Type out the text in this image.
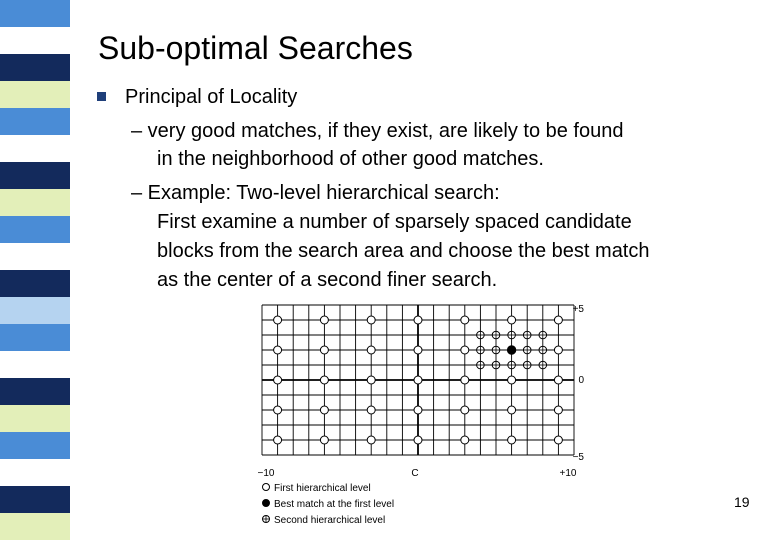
Sub-optimal Searches
Principal of Locality
– very good matches, if they exist, are likely to be found
in the neighborhood of other good matches.
– Example: Two-level hierarchical search:
First examine a number of sparsely spaced candidate
blocks from the search area and choose the best match
as the center of a second finer search.
+5
0
−5
−10	C	+10
First hierarchical level
Best match at the first level
Second hierarchical level
19
